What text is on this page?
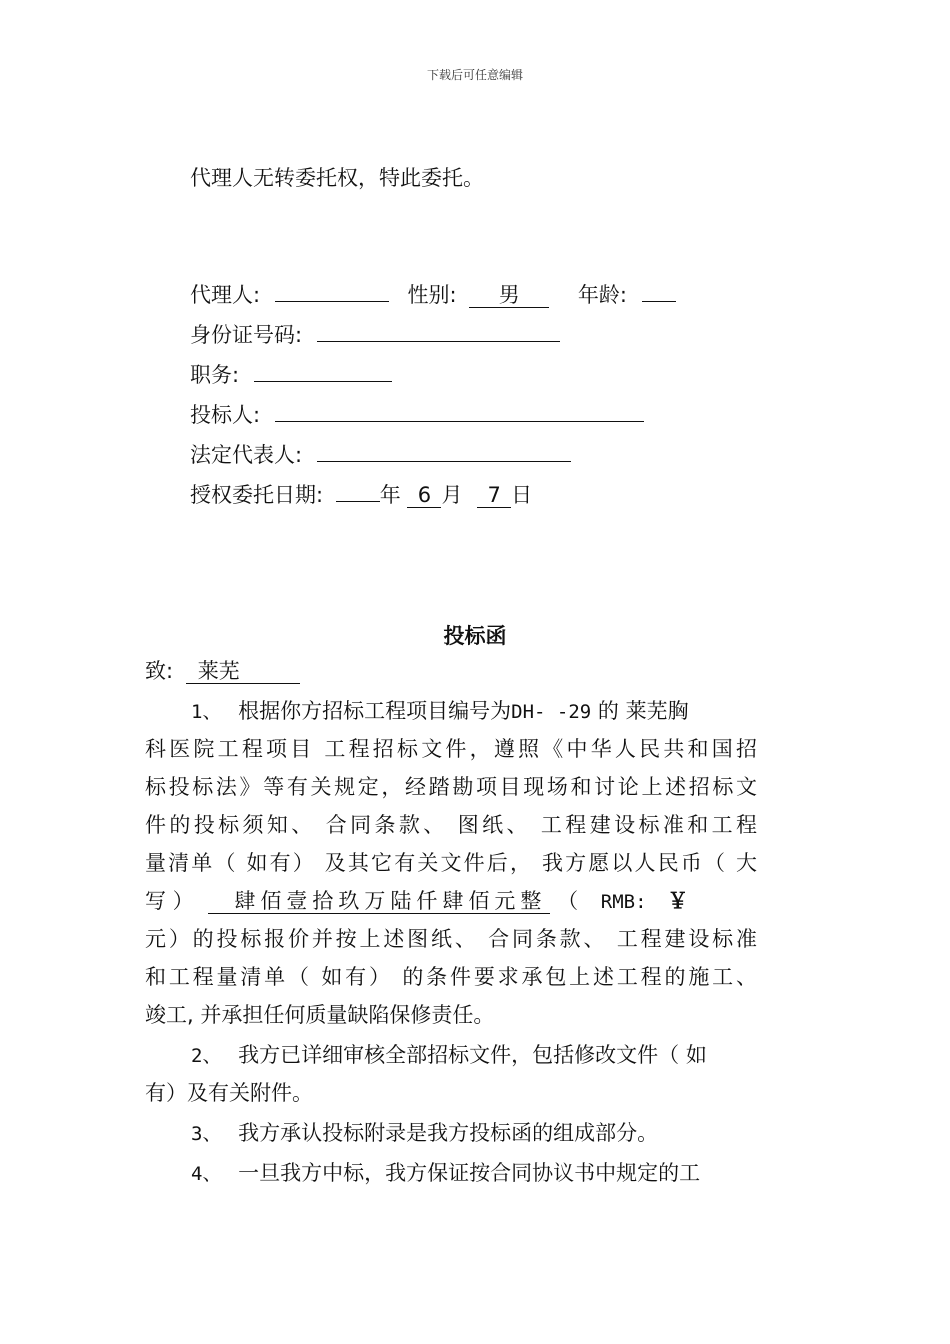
下载后可任意编辑
代理人无转委托权，特此委托。
代理人:	性别: 男	年龄:
身份证号码:
职务:
投标人:
法定代表人:
授权委托日期:	年 6 月 7 日
投标函
致: 莱芜
1、 根据你方招标工程项目编号为DH- -29 的 莱芜胸
科医院工程项目 工程招标文件，遵照《中华人民共和国招
标投标法》等有关规定，经踏勘项目现场和讨论上述招标文
件的投标须知、 合同条款、 图纸、 工程建设标准和工程
量清单（ 如有） 及其它有关文件后， 我方愿以人民币（ 大
写 ） 肆佰壹拾玖万陆仟肆佰元整 （ RMB: ￥
元）的投标报价并按上述图纸、 合同条款、 工程建设标准
和工程量清单（ 如有） 的条件要求承包上述工程的施工、
竣工, 并承担任何质量缺陷保修责任。
2、 我方已详细审核全部招标文件，包括修改文件（ 如
有）及有关附件。
3、 我方承认投标附录是我方投标函的组成部分。
4、 一旦我方中标，我方保证按合同协议书中规定的工
